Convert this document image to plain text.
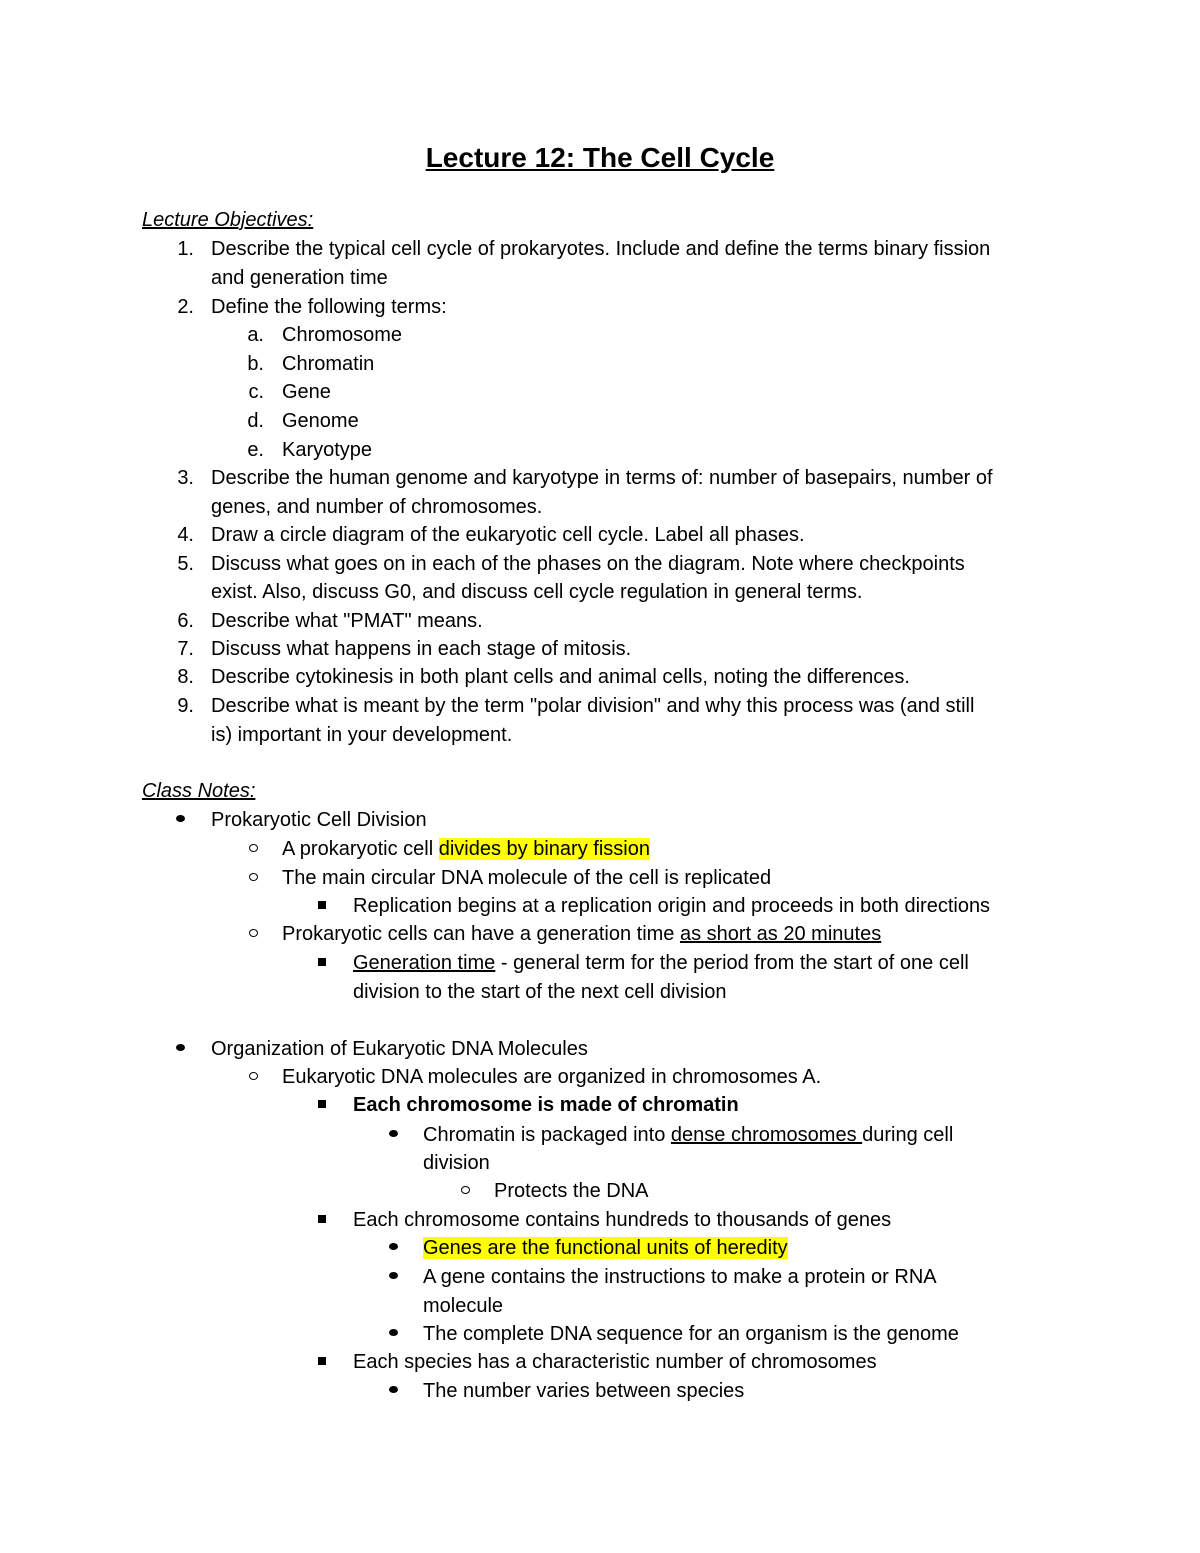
Lecture 12: The Cell Cycle
Lecture Objectives:
1. Describe the typical cell cycle of prokaryotes. Include and define the terms binary fission
and generation time
2. Define the following terms:
a. Chromosome
b. Chromatin
c. Gene
d. Genome
e. Karyotype
3. Describe the human genome and karyotype in terms of: number of basepairs, number of
genes, and number of chromosomes.
4. Draw a circle diagram of the eukaryotic cell cycle. Label all phases.
5. Discuss what goes on in each of the phases on the diagram. Note where checkpoints
exist. Also, discuss G0, and discuss cell cycle regulation in general terms.
6. Describe what "PMAT" means.
7. Discuss what happens in each stage of mitosis.
8. Describe cytokinesis in both plant cells and animal cells, noting the differences.
9. Describe what is meant by the term "polar division" and why this process was (and still
is) important in your development.
Class Notes:
Prokaryotic Cell Division
A prokaryotic cell divides by binary fission
The main circular DNA molecule of the cell is replicated
Replication begins at a replication origin and proceeds in both directions
Prokaryotic cells can have a generation time as short as 20 minutes
Generation time - general term for the period from the start of one cell
division to the start of the next cell division
Organization of Eukaryotic DNA Molecules
Eukaryotic DNA molecules are organized in chromosomes A.
Each chromosome is made of chromatin
Chromatin is packaged into dense chromosomes during cell
division
Protects the DNA
Each chromosome contains hundreds to thousands of genes
Genes are the functional units of heredity
A gene contains the instructions to make a protein or RNA
molecule
The complete DNA sequence for an organism is the genome
Each species has a characteristic number of chromosomes
The number varies between species
